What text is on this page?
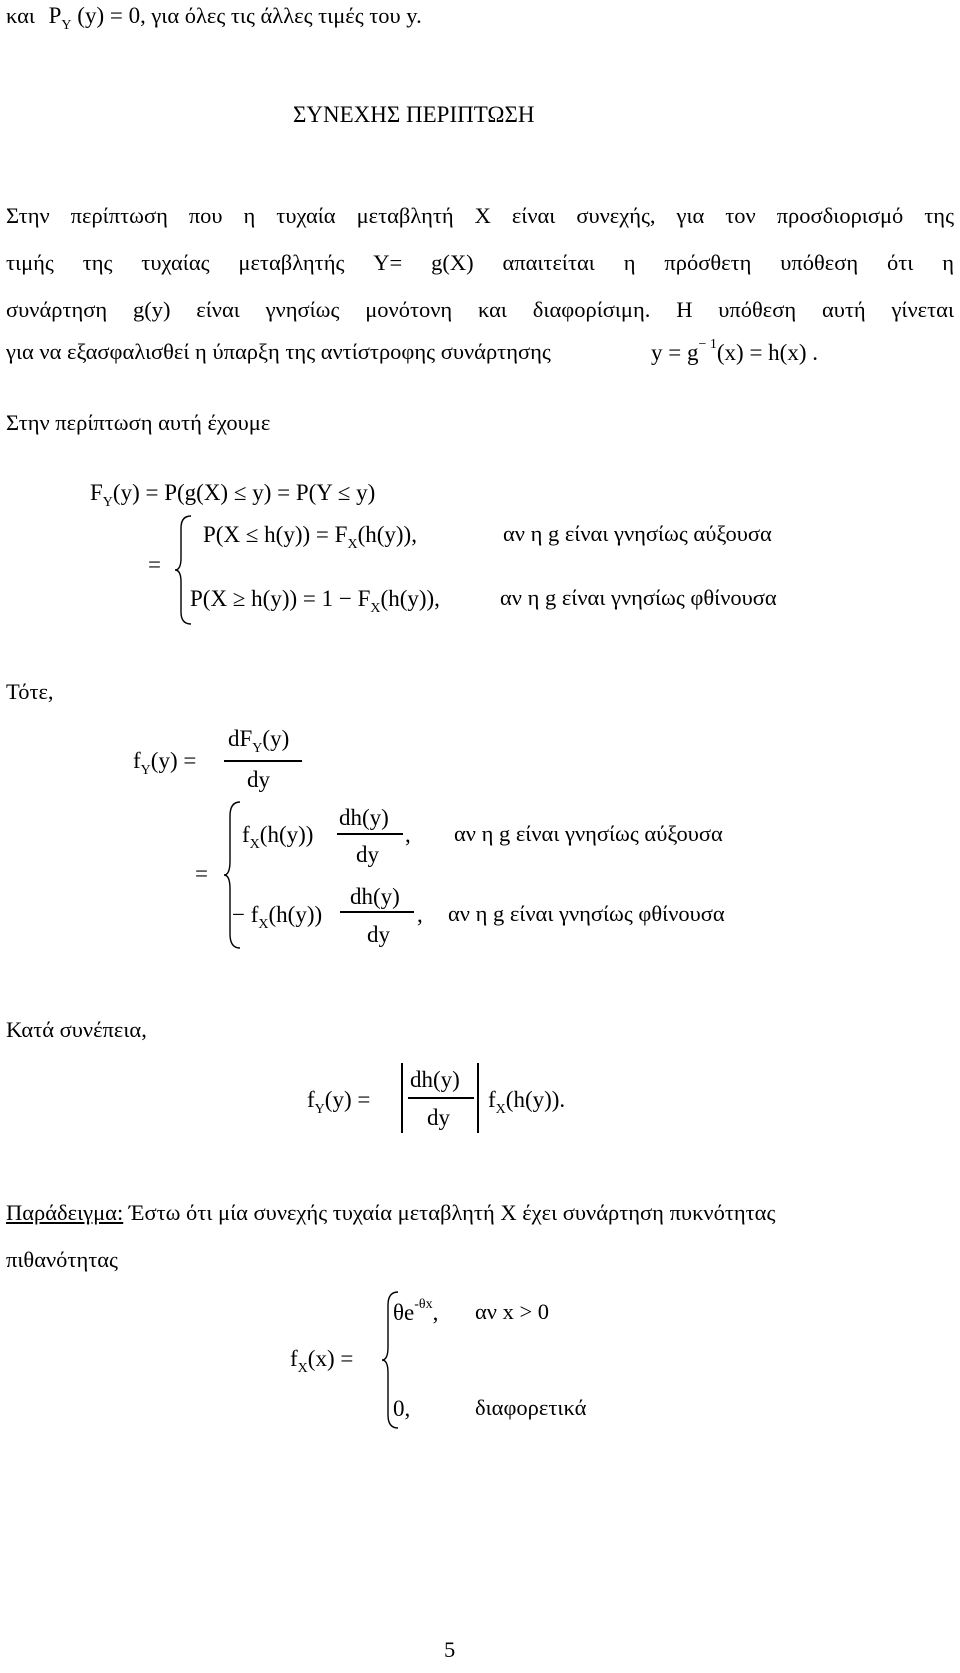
και $P_Y$ (y) = 0, για όλες τις άλλες τιμές του y.
ΣΥΝΕΧΗΣ ΠΕΡΙΠΤΩΣΗ
Στην περίπτωση που η τυχαία μεταβλητή X είναι συνεχής, για τον προσδιορισμό της
τιμής της τυχαίας μεταβλητής Y= g(X) απαιτείται η πρόσθετη υπόθεση ότι η
συνάρτηση g(y) είναι γνησίως μονότονη και διαφορίσιμη. Η υπόθεση αυτή γίνεται
για να εξασφαλισθεί η ύπαρξη της αντίστροφης συνάρτησης	$y = g^{- 1}(x) = h(x)$ .
Στην περίπτωση αυτή έχουμε
$F_Y(y) = P(g(X) \le y) = P(Y \le y)$
=
$P(X \le h(y)) = F_X(h(y))$,	αν η g είναι γνησίως αύξουσα
$P(X \ge h(y)) = 1 - F_X(h(y))$,	αν η g είναι γνησίως φθίνουσα
Τότε,
$f_Y(y)$ =
$dF_Y(y)$
dy
=
$f_X(h(y))$
dh(y)
dy
, αν η g είναι γνησίως αύξουσα
− $f_X(h(y))$
dh(y)
dy
, αν η g είναι γνησίως φθίνουσα
Κατά συνέπεια,
$f_Y(y)$ =
dh(y)
dy
$f_X(h(y))$.
Παράδειγμα: Έστω ότι μία συνεχής τυχαία μεταβλητή X έχει συνάρτηση πυκνότητας
πιθανότητας
$f_X(x)$ =
$\theta e^{-\theta x}$, αν x > 0
0,	διαφορετικά
5
